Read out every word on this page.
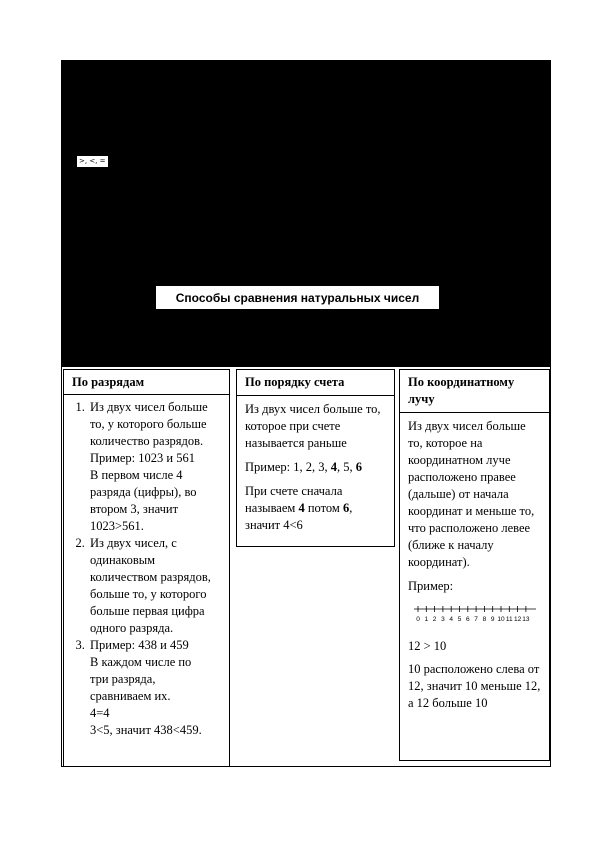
>, <, =
Способы сравнения натуральных чисел
По разрядам
1. Из двух чисел больше
то, у которого больше
количество разрядов.
Пример: 1023 и 561
В первом числе 4
разряда (цифры), во
втором 3, значит
1023>561.
2. Из двух чисел, с
одинаковым
количеством разрядов,
больше то, у которого
больше первая цифра
одного разряда.
3. Пример: 438 и 459
В каждом числе по
три разряда,
сравниваем их.
4=4
3<5, значит 438<459.
По порядку счета
Из двух чисел больше то, которое при счете называется раньше
Пример: 1, 2, 3, 4, 5, 6
При счете сначала называем 4 потом 6,
значит 4<6
По координатному лучу
Из двух чисел больше то, которое на координатном луче расположено правее (дальше) от начала координат и меньше то, что расположено левее (ближе к началу координат).
Пример:
0 1 2 3 4 5 6 7 8 9 10 11 12 13
12 > 10
10 расположено слева от 12, значит 10 меньше 12, а 12 больше 10
